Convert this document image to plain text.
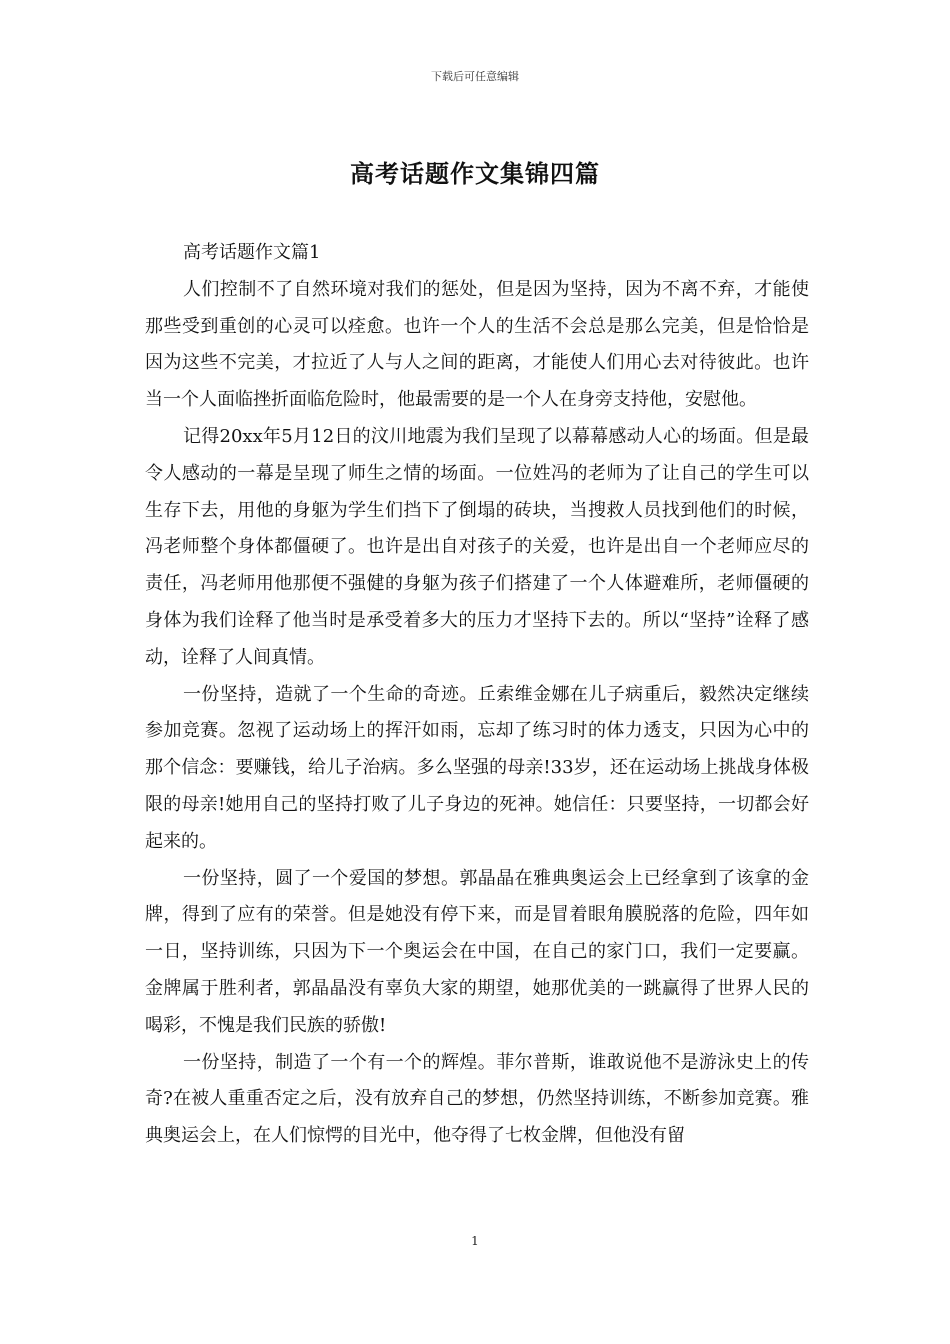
下载后可任意编辑
高考话题作文集锦四篇
高考话题作文篇1

人们控制不了自然环境对我们的惩处，但是因为坚持，因为不离不弃，才能使那些受到重创的心灵可以痊愈。也许一个人的生活不会总是那么完美，但是恰恰是因为这些不完美，才拉近了人与人之间的距离，才能使人们用心去对待彼此。也许当一个人面临挫折面临危险时，他最需要的是一个人在身旁支持他，安慰他。

记得20xx年5月12日的汶川地震为我们呈现了以幕幕感动人心的场面。但是最令人感动的一幕是呈现了师生之情的场面。一位姓冯的老师为了让自己的学生可以生存下去，用他的身躯为学生们挡下了倒塌的砖块，当搜救人员找到他们的时候，冯老师整个身体都僵硬了。也许是出自对孩子的关爱，也许是出自一个老师应尽的责任，冯老师用他那便不强健的身躯为孩子们搭建了一个人体避难所，老师僵硬的身体为我们诠释了他当时是承受着多大的压力才坚持下去的。所以“坚持”诠释了感动，诠释了人间真情。

一份坚持，造就了一个生命的奇迹。丘索维金娜在儿子病重后，毅然决定继续参加竞赛。忽视了运动场上的挥汗如雨，忘却了练习时的体力透支，只因为心中的那个信念：要赚钱，给儿子治病。多么坚强的母亲!33岁，还在运动场上挑战身体极限的母亲!她用自己的坚持打败了儿子身边的死神。她信任：只要坚持，一切都会好起来的。

一份坚持，圆了一个爱国的梦想。郭晶晶在雅典奥运会上已经拿到了该拿的金牌，得到了应有的荣誉。但是她没有停下来，而是冒着眼角膜脱落的危险，四年如一日，坚持训练，只因为下一个奥运会在中国，在自己的家门口，我们一定要赢。金牌属于胜利者，郭晶晶没有辜负大家的期望，她那优美的一跳赢得了世界人民的喝彩，不愧是我们民族的骄傲!

一份坚持，制造了一个有一个的辉煌。菲尔普斯，谁敢说他不是游泳史上的传奇?在被人重重否定之后，没有放弃自己的梦想，仍然坚持训练，不断参加竞赛。雅典奥运会上，在人们惊愕的目光中，他夺得了七枚金牌，但他没有留

1
